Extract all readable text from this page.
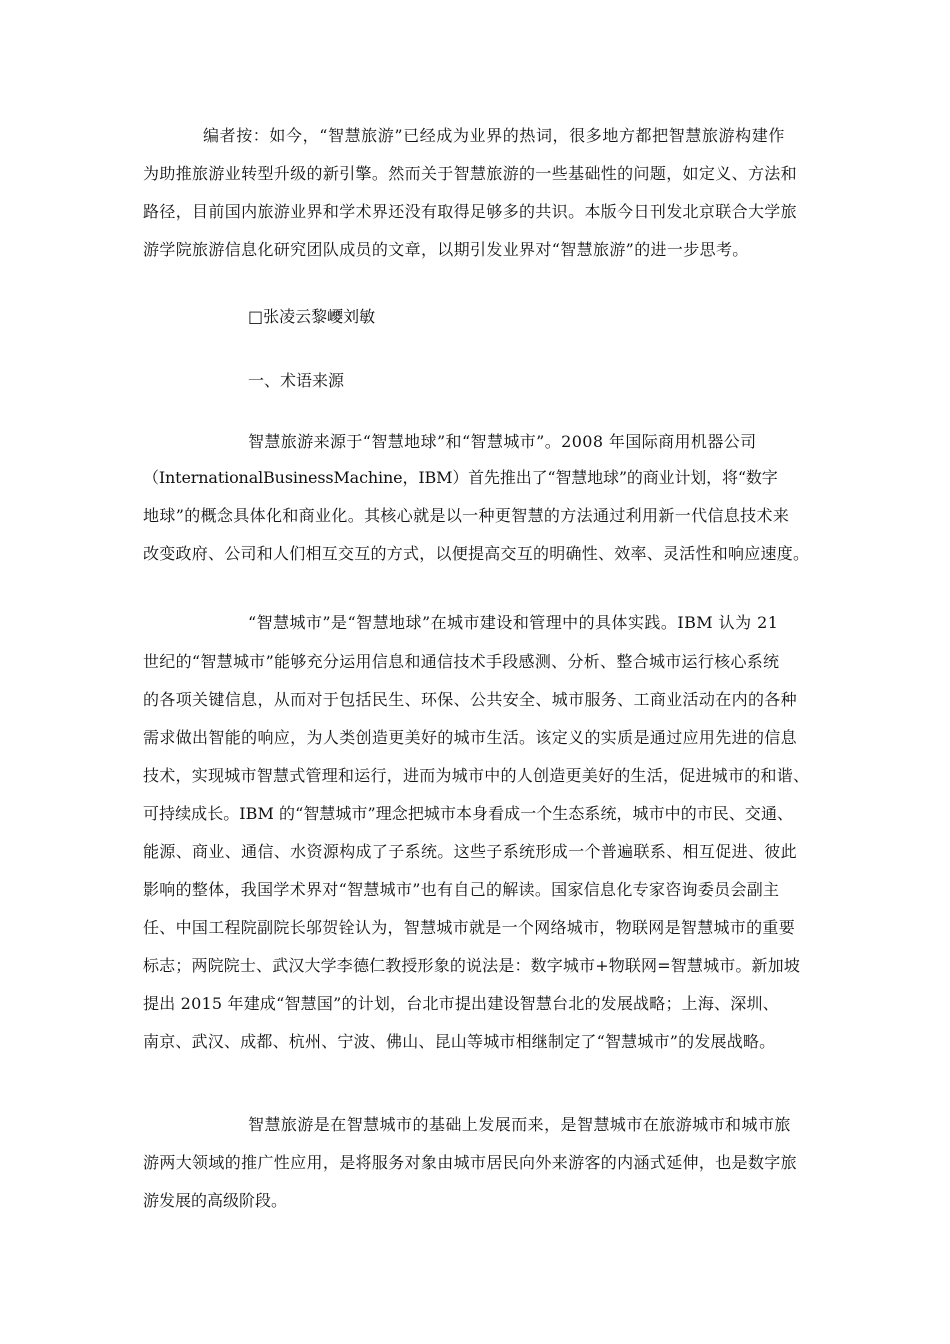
编者按：如今，“智慧旅游”已经成为业界的热词，很多地方都把智慧旅游构建作

为助推旅游业转型升级的新引擎。然而关于智慧旅游的一些基础性的问题，如定义、方法和

路径，目前国内旅游业界和学术界还没有取得足够多的共识。本版今日刊发北京联合大学旅

游学院旅游信息化研究团队成员的文章，以期引发业界对“智慧旅游”的进一步思考。

□张凌云黎巎刘敏

一、术语来源

智慧旅游来源于“智慧地球”和“智慧城市”。2008 年国际商用机器公司

（InternationalBusinessMachine，IBM）首先推出了“智慧地球”的商业计划，将“数字

地球”的概念具体化和商业化。其核心就是以一种更智慧的方法通过利用新一代信息技术来

改变政府、公司和人们相互交互的方式，以便提高交互的明确性、效率、灵活性和响应速度。

“智慧城市”是“智慧地球”在城市建设和管理中的具体实践。IBM 认为 21

世纪的“智慧城市”能够充分运用信息和通信技术手段感测、分析、整合城市运行核心系统

的各项关键信息，从而对于包括民生、环保、公共安全、城市服务、工商业活动在内的各种

需求做出智能的响应，为人类创造更美好的城市生活。该定义的实质是通过应用先进的信息

技术，实现城市智慧式管理和运行，进而为城市中的人创造更美好的生活，促进城市的和谐、

可持续成长。IBM 的“智慧城市”理念把城市本身看成一个生态系统，城市中的市民、交通、

能源、商业、通信、水资源构成了子系统。这些子系统形成一个普遍联系、相互促进、彼此

影响的整体，我国学术界对“智慧城市”也有自己的解读。国家信息化专家咨询委员会副主

任、中国工程院副院长邬贺铨认为，智慧城市就是一个网络城市，物联网是智慧城市的重要

标志；两院院士、武汉大学李德仁教授形象的说法是：数字城市+物联网=智慧城市。新加坡

提出 2015 年建成“智慧国”的计划，台北市提出建设智慧台北的发展战略；上海、深圳、

南京、武汉、成都、杭州、宁波、佛山、昆山等城市相继制定了“智慧城市”的发展战略。

智慧旅游是在智慧城市的基础上发展而来，是智慧城市在旅游城市和城市旅

游两大领域的推广性应用，是将服务对象由城市居民向外来游客的内涵式延伸，也是数字旅

游发展的高级阶段。
